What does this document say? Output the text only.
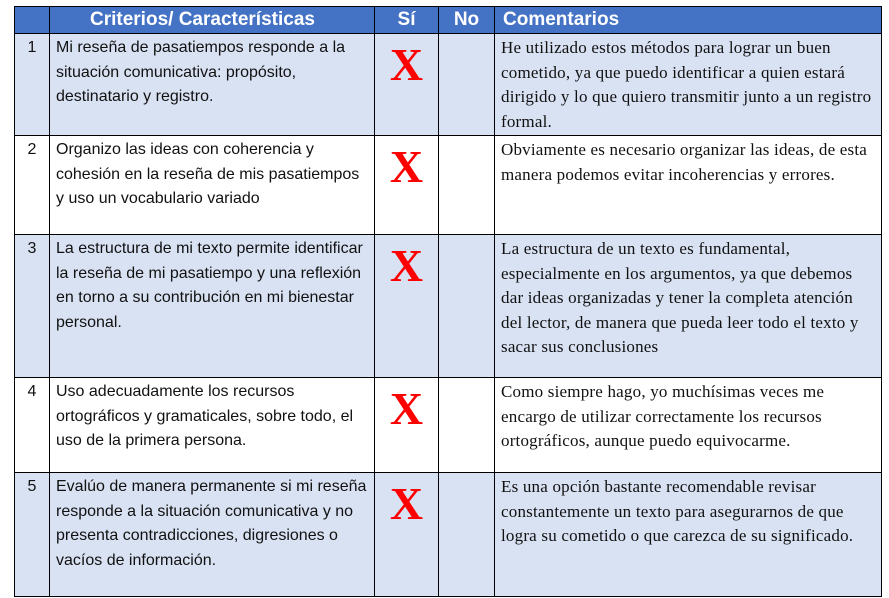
	Criterios/ Características	Sí	No	Comentarios
1	Mi reseña de pasatiempos responde a la situación comunicativa: propósito, destinatario y registro.	X		He utilizado estos métodos para lograr un buen cometido, ya que puedo identificar a quien estará dirigido y lo que quiero transmitir junto a un registro formal.
2	Organizo las ideas con coherencia y cohesión en la reseña de mis pasatiempos y uso un vocabulario variado	X		Obviamente es necesario organizar las ideas, de esta manera podemos evitar incoherencias y errores.
3	La estructura de mi texto permite identificar la reseña de mi pasatiempo y una reflexión en torno a su contribución en mi bienestar personal.	X		La estructura de un texto es fundamental, especialmente en los argumentos, ya que debemos dar ideas organizadas y tener la completa atención del lector, de manera que pueda leer todo el texto y sacar sus conclusiones
4	Uso adecuadamente los recursos ortográficos y gramaticales, sobre todo, el uso de la primera persona.	X		Como siempre hago, yo muchísimas veces me encargo de utilizar correctamente los recursos ortográficos, aunque puedo equivocarme.
5	Evalúo de manera permanente si mi reseña responde a la situación comunicativa y no presenta contradicciones, digresiones o vacíos de información.	X		Es una opción bastante recomendable revisar constantemente un texto para asegurarnos de que logra su cometido o que carezca de su significado.
